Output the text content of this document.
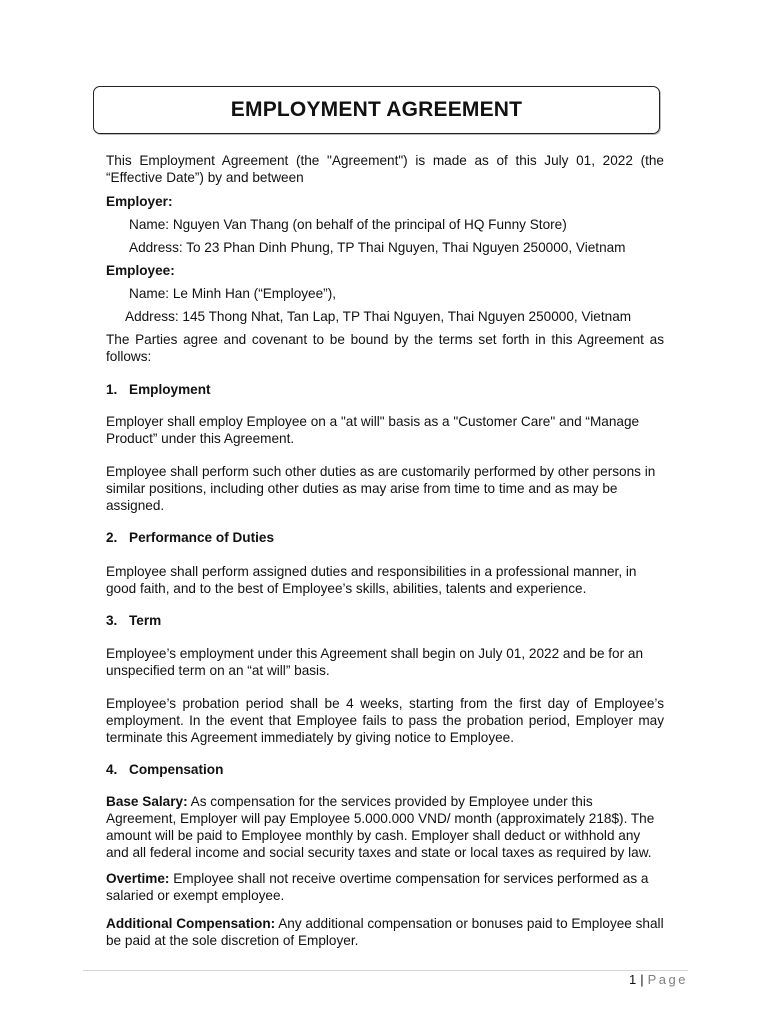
EMPLOYMENT AGREEMENT

This Employment Agreement (the "Agreement") is made as of this July 01, 2022 (the “Effective Date”) by and between

Employer:

Name: Nguyen Van Thang (on behalf of the principal of HQ Funny Store)

Address: To 23 Phan Dinh Phung, TP Thai Nguyen, Thai Nguyen 250000, Vietnam

Employee:

Name: Le Minh Han (“Employee”),

Address: 145 Thong Nhat, Tan Lap, TP Thai Nguyen, Thai Nguyen 250000, Vietnam

The Parties agree and covenant to be bound by the terms set forth in this Agreement as follows:

1. Employment

Employer shall employ Employee on a "at will" basis as a "Customer Care" and “Manage Product” under this Agreement.

Employee shall perform such other duties as are customarily performed by other persons in similar positions, including other duties as may arise from time to time and as may be assigned.

2. Performance of Duties

Employee shall perform assigned duties and responsibilities in a professional manner, in good faith, and to the best of Employee’s skills, abilities, talents and experience.

3. Term

Employee’s employment under this Agreement shall begin on July 01, 2022 and be for an unspecified term on an “at will” basis.

Employee’s probation period shall be 4 weeks, starting from the first day of Employee’s employment. In the event that Employee fails to pass the probation period, Employer may terminate this Agreement immediately by giving notice to Employee.

4. Compensation

Base Salary: As compensation for the services provided by Employee under this Agreement, Employer will pay Employee 5.000.000 VND/ month (approximately 218$). The amount will be paid to Employee monthly by cash. Employer shall deduct or withhold any and all federal income and social security taxes and state or local taxes as required by law.

Overtime: Employee shall not receive overtime compensation for services performed as a salaried or exempt employee.

Additional Compensation: Any additional compensation or bonuses paid to Employee shall be paid at the sole discretion of Employer.

1 | Page
